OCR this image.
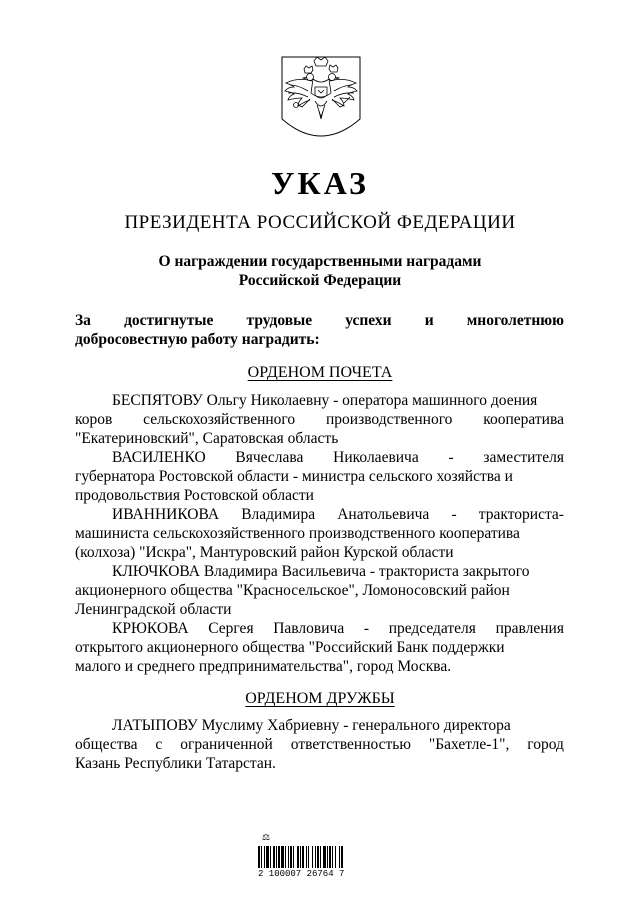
УКАЗ
ПРЕЗИДЕНТА РОССИЙСКОЙ ФЕДЕРАЦИИ
О награждении государственными наградами
Российской Федерации
За достигнутые трудовые успехи и многолетнюю
добросовестную работу наградить:
ОРДЕНОМ ПОЧЕТА
БЕСПЯТОВУ Ольгу Николаевну - оператора машинного доения
коров сельскохозяйственного производственного кооператива
"Екатериновский", Саратовская область
ВАСИЛЕНКО Вячеслава Николаевича - заместителя
губернатора Ростовской области - министра сельского хозяйства и
продовольствия Ростовской области
ИВАННИКОВА Владимира Анатольевича - тракториста-
машиниста сельскохозяйственного производственного кооператива
(колхоза) "Искра", Мантуровский район Курской области
КЛЮЧКОВА Владимира Васильевича - тракториста закрытого
акционерного общества "Красносельское", Ломоносовский район
Ленинградской области
КРЮКОВА Сергея Павловича - председателя правления
открытого акционерного общества "Российский Банк поддержки
малого и среднего предпринимательства", город Москва.
ОРДЕНОМ ДРУЖБЫ
ЛАТЫПОВУ Муслиму Хабриевну - генерального директора
общества с ограниченной ответственностью "Бахетле-1", город
Казань Республики Татарстан.
⚖
2 100007 26764 7
